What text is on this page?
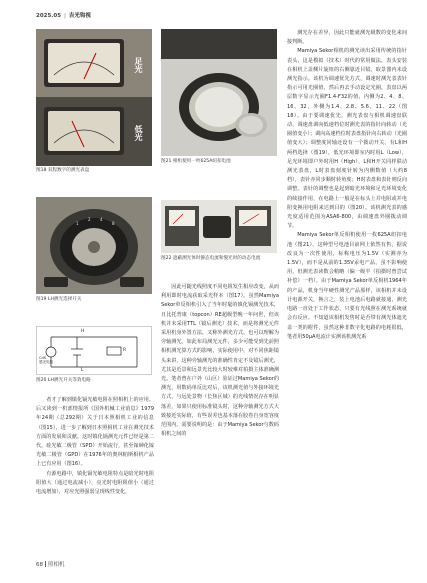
2025.05 | 吉光钩视
足光
低光
图18 双程数字的测光表盘
1
2 4
8
图19 LH测光选择开关
H
L
R
CdS
感光电阻
图20 LH测光开关等效电路
图21 相机使用一枚625A纽扣电池
图22 遮蔽测光体时静态电流和慢光时的动态电流

者才了解到镇化镉光敏电阻在照相机上的应用。后又读到一机部情报所《国外机械工业消息》1979年24期（总292期）关于日本照相机工业的信息（图15），进一步了解到日本照相机工业在测光技术方面的发展和贡献。这时镇化镉测光元件已经是第二代，硅光敏二极管（SPD）开始流行，甚至镓砷化镓光敏二极管（GPD）在1976年的奥林帕斯相机产品上已有应用（图16）。

有源电路中，镇化镉光敏电阻特点是暗光时电阻阻值大（通过电流减小），亮光时电阻阻值小（通过电流增加），对应光照强弱呈现线性变化，

因此可随光线照度不同电阻发生相应改变，从而利用即时电流获取采光样本（图17）。虽然Mamiya Sekor单反相机引入了当年时髦的镇化镉测光技术，且比托普康（topcon）RE超级型晚一年问世，但该机并未采用TTL（镜后测光）技术，而是将测光元件采用机身外置方法，又称外测光方式，也可以理解为旁轴测光。如此布局测光元件，多少可能受到先前照相机测光算方式的影响，实际使用中，对不同焦距镜头来讲，这种旁轴测光的准确性肯定不及镜后测光，尤其是近景和远景光比较大时较难对拍摄主体准确测光。笔者曾在户外（山区）验证过Mamiya Sekor的测光，用数码单反比对后，该机测光值与外接环境光方式，与远处景物（长焦区域）的光线情况存在明显落差，如果只使用标准镜头时，这种旁轴测光方式大致接近实际值，有些误差也基本落在胶卷自身宽容度范围内。需要说明的是：由于Mamiya Sekor与数码相机之间的

测光存在差异，因此只能就测光级数的变化来间接判断。

Mamiya Sekor相机的测光读出采用传统的指针表头，这是模拟（技术）时代的常用做法，表头安装在相机上盖侧片旋钮的右侧靠近目镜，取景器内未设测光指示。该机为调速优先方式，调速时测光表表针指示可用光圈值，然后再去手动设定光圈。表盘以两层数字显示光圈F1.4-F32的值，内侧为2、4、8、16、32，外侧为1.4、2.8、5.6、11、22（图18）。由于要调速优先，测光表盘与相机调速盘联动，调速盘调向低速档位时测光表的指针向转动（光圈值变小）；调向高速档位时表盘指针向右转动（光圈值变大）；调整度同轴还设有一个拨动开关，有L和H两档选择（图19），低光环境即室内时用L（Low），足光环境即户外时用H（High），L和H开关同样联动测光表盘，L时表盘刻度针转为内侧数值（大约8档），表针亦同步顺时转角度；H时表盘和表针则反向调整。表针的调整也是起到暗光环境和足光环境变化的续接作用，在电路上一般是在标头上并电阻或并电阻变换用电阻来达到目的（图20）。该机测光表的感光度适用范围为ASA6-800，由调速盘外圈拨动调节。

Mamiya Sekor单反相机使用一枚625A纽扣电池（图21），这种型号电池目前网上依然有售，据说改良为一次性使用，标称电压为1.5V（实测亦为1.5V），而不是从前的1.35V汞电产品，虽不影响使用，但测光表读数会稍略（偏一级半（拍摄时曾尝试补偿）一档）。由于Mamiya Sekor单反相机1964年的产品，机身当年硬性测光产品那样，该相机并未设计电源开关，换言之，装上电池后电路就接通，测光电路一直处于工作状态，只要有光线照在测光系统就会有反应。不知道该相机发售时是否带有测光体遮光盖一类的附件，虽然这种非数字化电路的电耗很低，笔者用50μA电流计实测该机测光系

68 照相机
